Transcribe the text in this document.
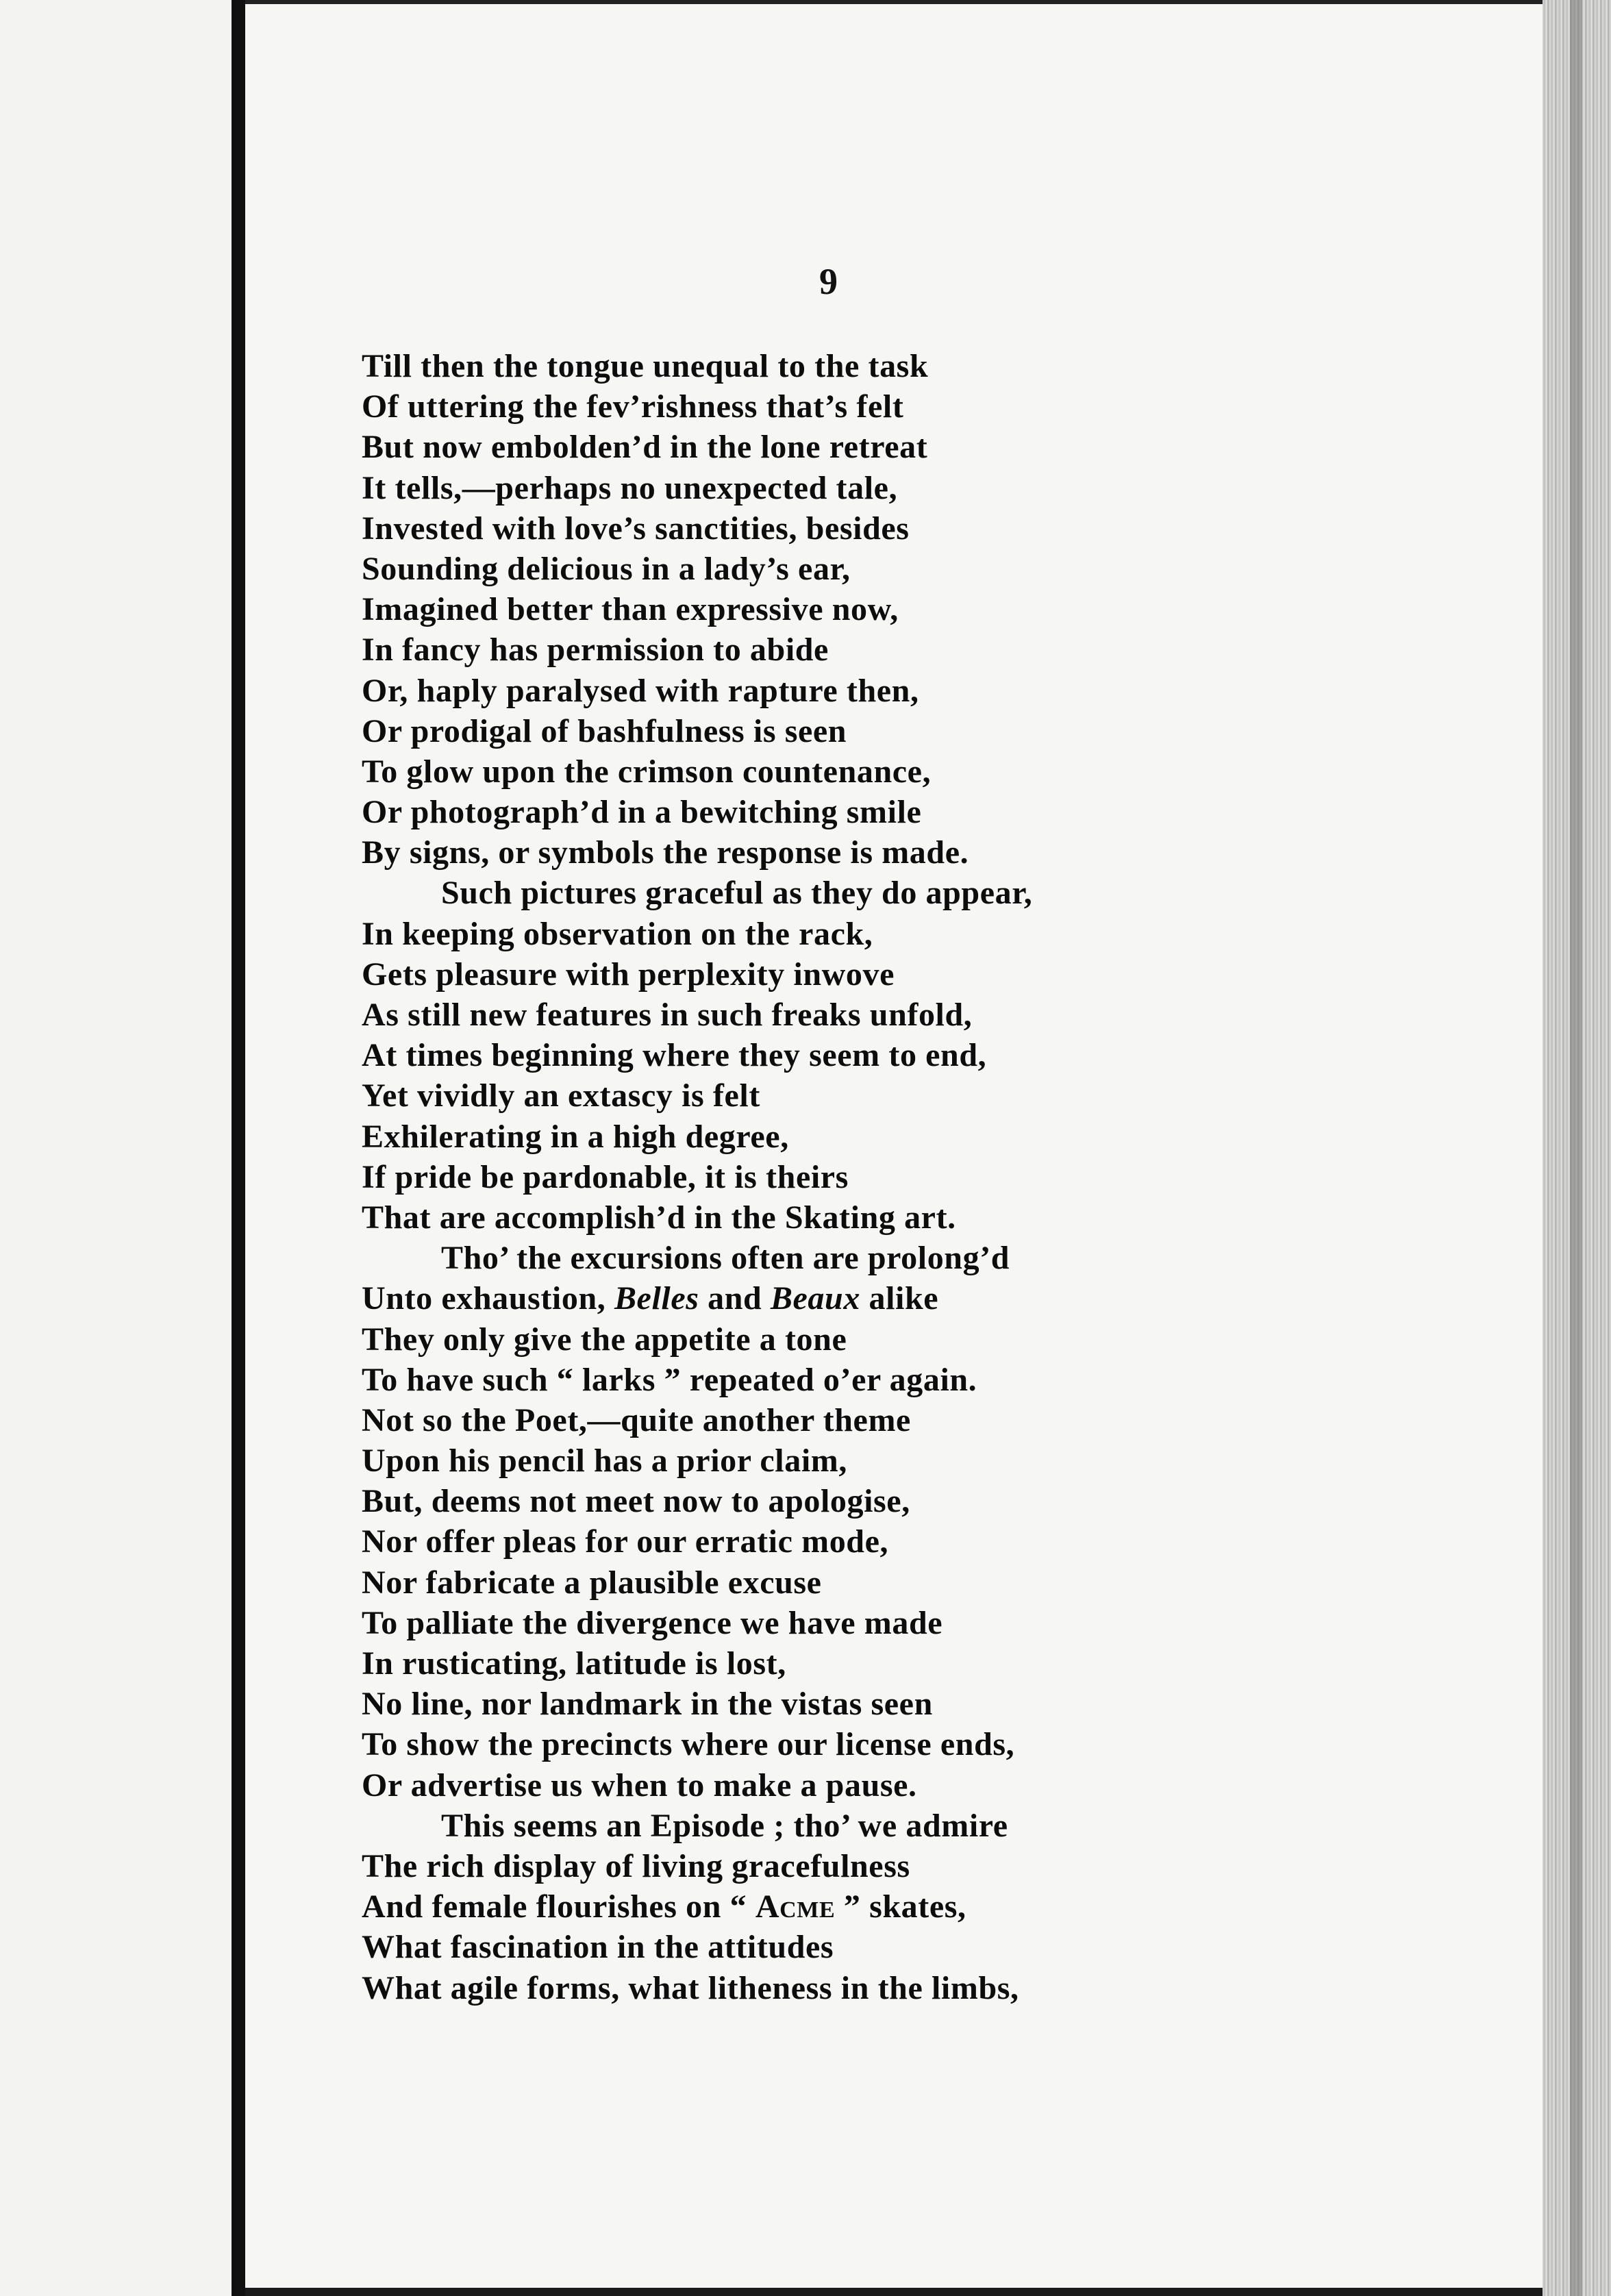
9
Till then the tongue unequal to the task
Of uttering the fev’rishness that’s felt
But now embolden’d in the lone retreat
It tells,—perhaps no unexpected tale,
Invested with love’s sanctities, besides
Sounding delicious in a lady’s ear,
Imagined better than expressive now,
In fancy has permission to abide
Or, haply paralysed with rapture then,
Or prodigal of bashfulness is seen
To glow upon the crimson countenance,
Or photograph’d in a bewitching smile
By signs, or symbols the response is made.
Such pictures graceful as they do appear,
In keeping observation on the rack,
Gets pleasure with perplexity inwove
As still new features in such freaks unfold,
At times beginning where they seem to end,
Yet vividly an extascy is felt
Exhilerating in a high degree,
If pride be pardonable, it is theirs
That are accomplish’d in the Skating art.
Tho’ the excursions often are prolong’d
Unto exhaustion, Belles and Beaux alike
They only give the appetite a tone
To have such “ larks ” repeated o’er again.
Not so the Poet,—quite another theme
Upon his pencil has a prior claim,
But, deems not meet now to apologise,
Nor offer pleas for our erratic mode,
Nor fabricate a plausible excuse
To palliate the divergence we have made
In rusticating, latitude is lost,
No line, nor landmark in the vistas seen
To show the precincts where our license ends,
Or advertise us when to make a pause.
This seems an Episode ; tho’ we admire
The rich display of living gracefulness
And female flourishes on “ Acme ” skates,
What fascination in the attitudes
What agile forms, what litheness in the limbs,
